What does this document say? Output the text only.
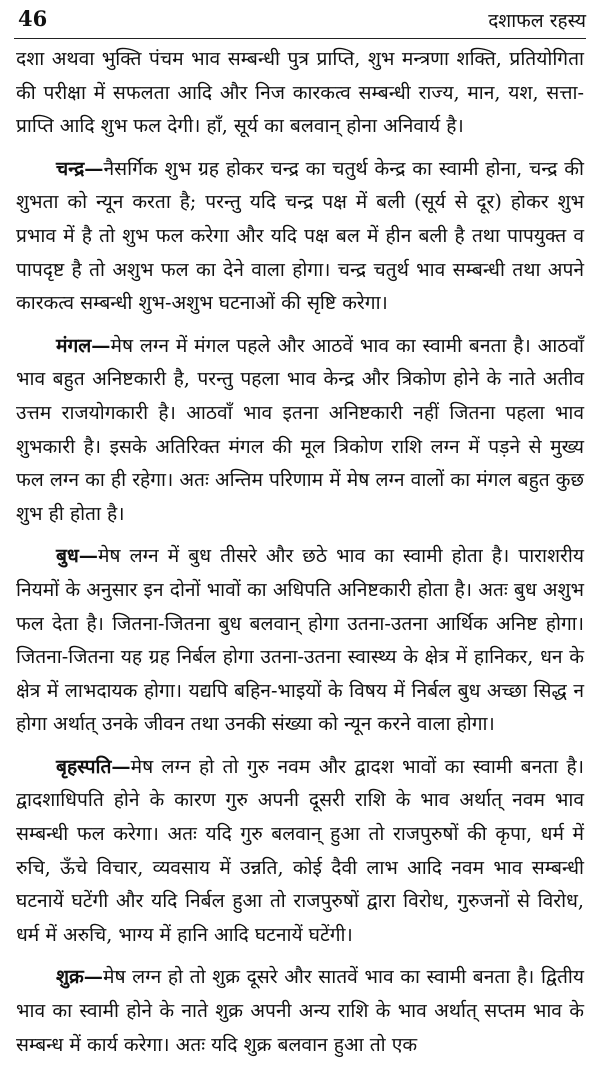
46	दशाफल रहस्य

दशा अथवा भुक्ति पंचम भाव सम्बन्धी पुत्र प्राप्ति, शुभ मन्त्रणा शक्ति, प्रतियोगिता की परीक्षा में सफलता आदि और निज कारकत्व सम्बन्धी राज्य, मान, यश, सत्ता-प्राप्ति आदि शुभ फल देगी। हाँ, सूर्य का बलवान् होना अनिवार्य है।

चन्द्र—नैसर्गिक शुभ ग्रह होकर चन्द्र का चतुर्थ केन्द्र का स्वामी होना, चन्द्र की शुभता को न्यून करता है; परन्तु यदि चन्द्र पक्ष में बली (सूर्य से दूर) होकर शुभ प्रभाव में है तो शुभ फल करेगा और यदि पक्ष बल में हीन बली है तथा पापयुक्त व पापदृष्ट है तो अशुभ फल का देने वाला होगा। चन्द्र चतुर्थ भाव सम्बन्धी तथा अपने कारकत्व सम्बन्धी शुभ-अशुभ घटनाओं की सृष्टि करेगा।

मंगल—मेष लग्न में मंगल पहले और आठवें भाव का स्वामी बनता है। आठवाँ भाव बहुत अनिष्टकारी है, परन्तु पहला भाव केन्द्र और त्रिकोण होने के नाते अतीव उत्तम राजयोगकारी है। आठवाँ भाव इतना अनिष्टकारी नहीं जितना पहला भाव शुभकारी है। इसके अतिरिक्त मंगल की मूल त्रिकोण राशि लग्न में पड़ने से मुख्य फल लग्न का ही रहेगा। अतः अन्तिम परिणाम में मेष लग्न वालों का मंगल बहुत कुछ शुभ ही होता है।

बुध—मेष लग्न में बुध तीसरे और छठे भाव का स्वामी होता है। पाराशरीय नियमों के अनुसार इन दोनों भावों का अधिपति अनिष्टकारी होता है। अतः बुध अशुभ फल देता है। जितना-जितना बुध बलवान् होगा उतना-उतना आर्थिक अनिष्ट होगा। जितना-जितना यह ग्रह निर्बल होगा उतना-उतना स्वास्थ्य के क्षेत्र में हानिकर, धन के क्षेत्र में लाभदायक होगा। यद्यपि बहिन-भाइयों के विषय में निर्बल बुध अच्छा सिद्ध न होगा अर्थात् उनके जीवन तथा उनकी संख्या को न्यून करने वाला होगा।

बृहस्पति—मेष लग्न हो तो गुरु नवम और द्वादश भावों का स्वामी बनता है। द्वादशाधिपति होने के कारण गुरु अपनी दूसरी राशि के भाव अर्थात् नवम भाव सम्बन्धी फल करेगा। अतः यदि गुरु बलवान् हुआ तो राजपुरुषों की कृपा, धर्म में रुचि, ऊँचे विचार, व्यवसाय में उन्नति, कोई दैवी लाभ आदि नवम भाव सम्बन्धी घटनायें घटेंगी और यदि निर्बल हुआ तो राजपुरुषों द्वारा विरोध, गुरुजनों से विरोध, धर्म में अरुचि, भाग्य में हानि आदि घटनायें घटेंगी।

शुक्र—मेष लग्न हो तो शुक्र दूसरे और सातवें भाव का स्वामी बनता है। द्वितीय भाव का स्वामी होने के नाते शुक्र अपनी अन्य राशि के भाव अर्थात् सप्तम भाव के सम्बन्ध में कार्य करेगा। अतः यदि शुक्र बलवान हुआ तो एक
